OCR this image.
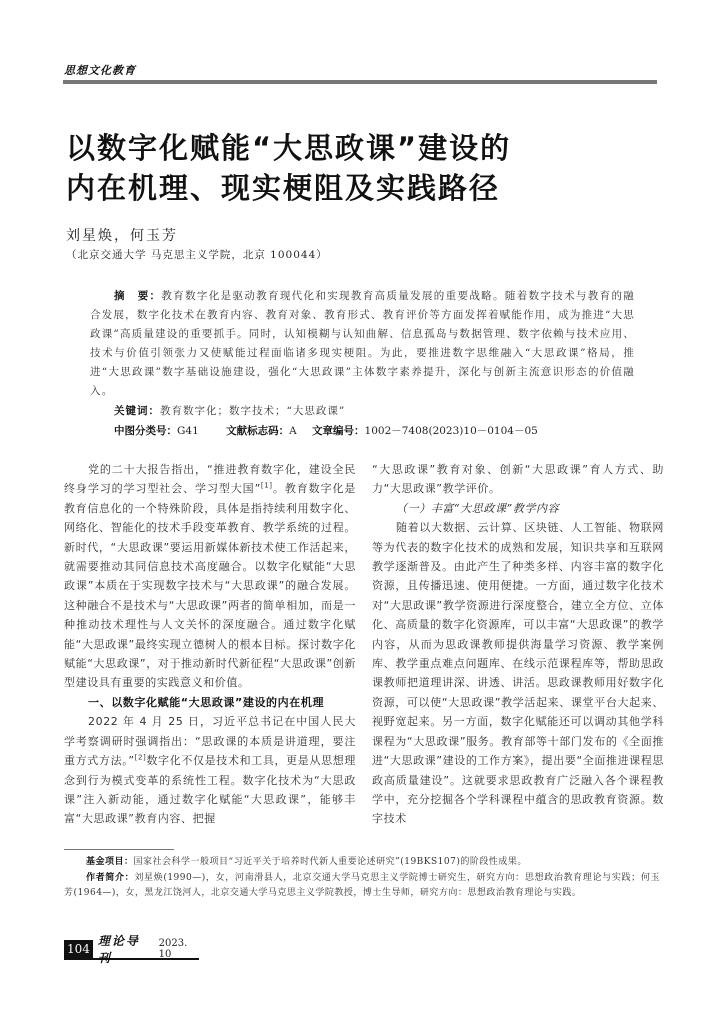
思想文化教育
以数字化赋能“大思政课”建设的
内在机理、现实梗阻及实践路径
刘星焕，何玉芳
（北京交通大学 马克思主义学院，北京 100044）

摘　要：教育数字化是驱动教育现代化和实现教育高质量发展的重要战略。随着数字技术与教育的融合发展，数字化技术在教育内容、教育对象、教育形式、教育评价等方面发挥着赋能作用，成为推进“大思政课”高质量建设的重要抓手。同时，认知模糊与认知曲解、信息孤岛与数据管理、数字依赖与技术应用、技术与价值引领张力又使赋能过程面临诸多现实梗阻。为此，要推进数字思维融入“大思政课”格局，推进“大思政课”数字基础设施建设，强化“大思政课”主体数字素养提升，深化与创新主流意识形态的价值融入。

关键词：教育数字化；数字技术；“大思政课”
中图分类号：G41	文献标志码：A 文章编号：1002－7408(2023)10－0104－05

党的二十大报告指出，“推进教育数字化，建设全民终身学习的学习型社会、学习型大国”[1]。教育数字化是教育信息化的一个特殊阶段，具体是指持续利用数字化、网络化、智能化的技术手段变革教育、教学系统的过程。新时代，“大思政课”要运用新媒体新技术使工作活起来，就需要推动其同信息技术高度融合。以数字化赋能“大思政课”本质在于实现数字技术与“大思政课”的融合发展。这种融合不是技术与“大思政课”两者的简单相加，而是一种推动技术理性与人文关怀的深度融合。通过数字化赋能“大思政课”最终实现立德树人的根本目标。探讨数字化赋能“大思政课”，对于推动新时代新征程“大思政课”创新型建设具有重要的实践意义和价值。

一、以数字化赋能“大思政课”建设的内在机理

2022 年 4 月 25 日，习近平总书记在中国人民大学考察调研时强调指出：“思政课的本质是讲道理，要注重方式方法。”[2]数字化不仅是技术和工具，更是从思想理念到行为模式变革的系统性工程。数字化技术为“大思政课”注入新动能，通过数字化赋能“大思政课”，能够丰富“大思政课”教育内容、把握

“大思政课”教育对象、创新“大思政课”育人方式、助力“大思政课”教学评价。

（一）丰富“大思政课”教学内容

随着以大数据、云计算、区块链、人工智能、物联网等为代表的数字化技术的成熟和发展，知识共享和互联网教学逐渐普及。由此产生了种类多样、内容丰富的数字化资源，且传播迅速、使用便捷。一方面，通过数字化技术对“大思政课”教学资源进行深度整合，建立全方位、立体化、高质量的数字化资源库，可以丰富“大思政课”的教学内容，从而为思政课教师提供海量学习资源、教学案例库、教学重点难点问题库、在线示范课程库等，帮助思政课教师把道理讲深、讲透、讲活。思政课教师用好数字化资源，可以使“大思政课”教学活起来、课堂平台大起来、视野宽起来。另一方面，数字化赋能还可以调动其他学科课程为“大思政课”服务。教育部等十部门发布的《全面推进“大思政课”建设的工作方案》，提出要“全面推进课程思政高质量建设”。这就要求思政教育广泛融入各个课程教学中，充分挖掘各个学科课程中蕴含的思政教育资源。数字技术

基金项目：国家社会科学一般项目“习近平关于培养时代新人重要论述研究”(19BKS107)的阶段性成果。

作者简介：刘星焕(1990—)，女，河南滑县人，北京交通大学马克思主义学院博士研究生，研究方向：思想政治教育理论与实践；何玉芳(1964—)，女，黑龙江饶河人，北京交通大学马克思主义学院教授，博士生导师，研究方向：思想政治教育理论与实践。

104
理论导刊
2023. 10
